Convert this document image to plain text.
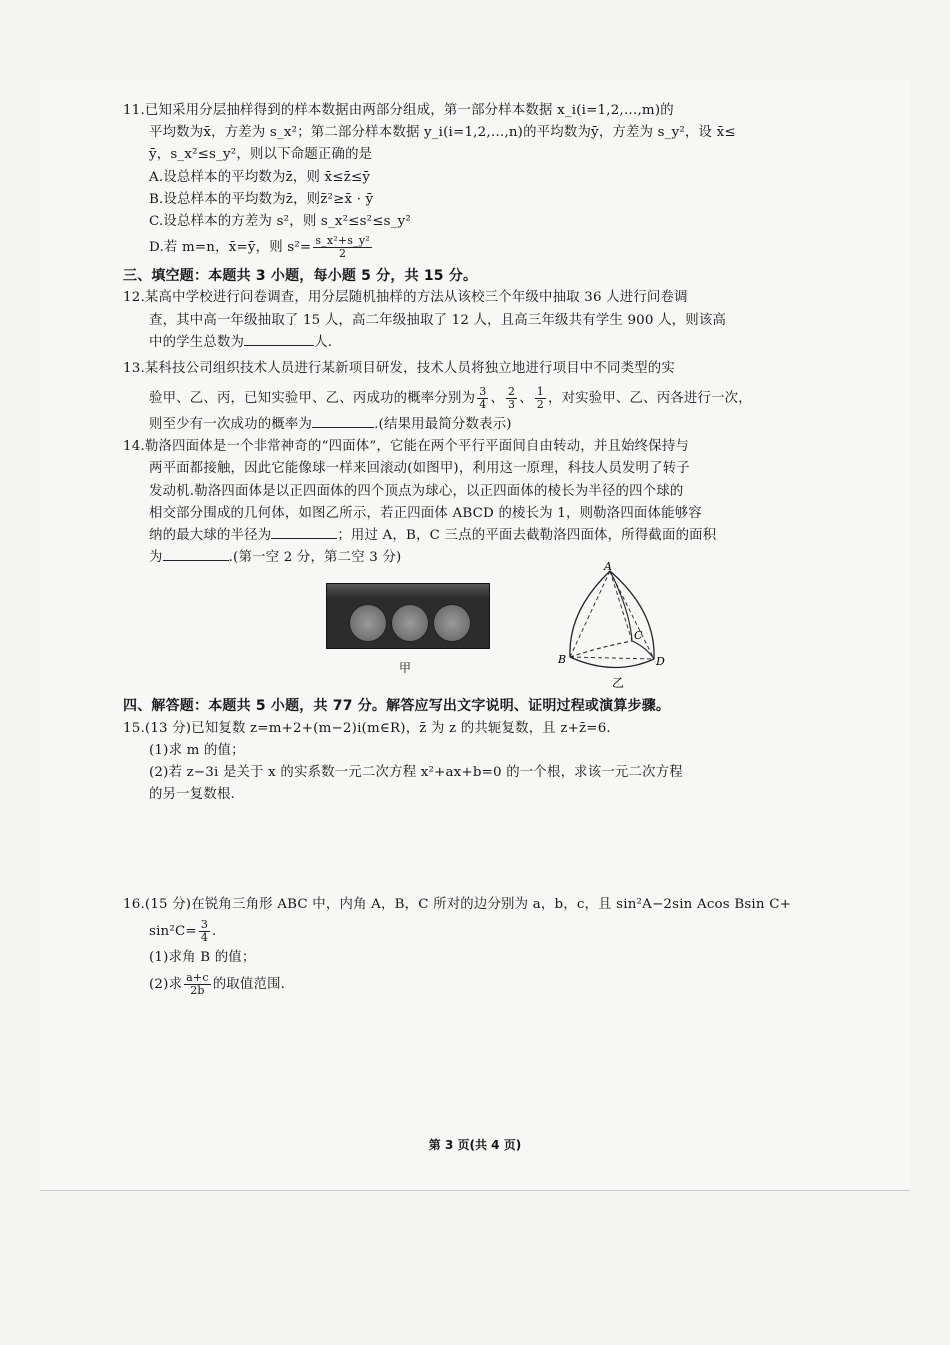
11.已知采用分层抽样得到的样本数据由两部分组成，第一部分样本数据 x_i(i=1,2,…,m)的

平均数为x̄，方差为 s_x²；第二部分样本数据 y_i(i=1,2,…,n)的平均数为ȳ，方差为 s_y²，设 x̄≤

ȳ，s_x²≤s_y²，则以下命题正确的是

A.设总样本的平均数为z̄，则 x̄≤z̄≤ȳ

B.设总样本的平均数为z̄，则z̄²≥x̄ · ȳ

C.设总样本的方差为 s²，则 s_x²≤s²≤s_y²

D.若 m=n，x̄=ȳ，则 $s^2= \frac{\text{s\_x²+s\_y²}}{2}$

三、填空题：本题共 3 小题，每小题 5 分，共 15 分。

12.某高中学校进行问卷调查，用分层随机抽样的方法从该校三个年级中抽取 36 人进行问卷调

查，其中高一年级抽取了 15 人，高二年级抽取了 12 人，且高三年级共有学生 900 人，则该高

中的学生总数为	人.

13.某科技公司组织技术人员进行某新项目研发，技术人员将独立地进行项目中不同类型的实

验甲、乙、丙，已知实验甲、乙、丙成功的概率分别为 $\frac{3}{4}$ 、 $\frac{2}{3}$ 、 $\frac{1}{2}$ ，对实验甲、乙、丙各进行一次，

则至少有一次成功的概率为	.(结果用最简分数表示)

14.勒洛四面体是一个非常神奇的“四面体”，它能在两个平行平面间自由转动，并且始终保持与

两平面都接触，因此它能像球一样来回滚动(如图甲)，利用这一原理，科技人员发明了转子

发动机.勒洛四面体是以正四面体的四个顶点为球心，以正四面体的棱长为半径的四个球的

相交部分围成的几何体，如图乙所示，若正四面体 ABCD 的棱长为 1，则勒洛四面体能够容

纳的最大球的半径为	；用过 A，B，C 三点的平面去截勒洛四面体，所得截面的面积

为	.(第一空 2 分，第二空 3 分)

甲
A
B
C
D
乙

四、解答题：本题共 5 小题，共 77 分。解答应写出文字说明、证明过程或演算步骤。

15.(13 分)已知复数 z=m+2+(m−2)i(m∈R)，z̄ 为 z 的共轭复数，且 z+z̄=6.

(1)求 m 的值；

(2)若 z−3i 是关于 x 的实系数一元二次方程 x²+ax+b=0 的一个根，求该一元二次方程

的另一复数根.

16.(15 分)在锐角三角形 ABC 中，内角 A，B，C 所对的边分别为 a，b，c，且 sin²A−2sin Acos Bsin C+

$\sin^2C= \frac{3}{4}$ .

(1)求角 B 的值；

(2)求 $\frac{a+c}{2b}$ 的取值范围.

第 3 页(共 4 页)
